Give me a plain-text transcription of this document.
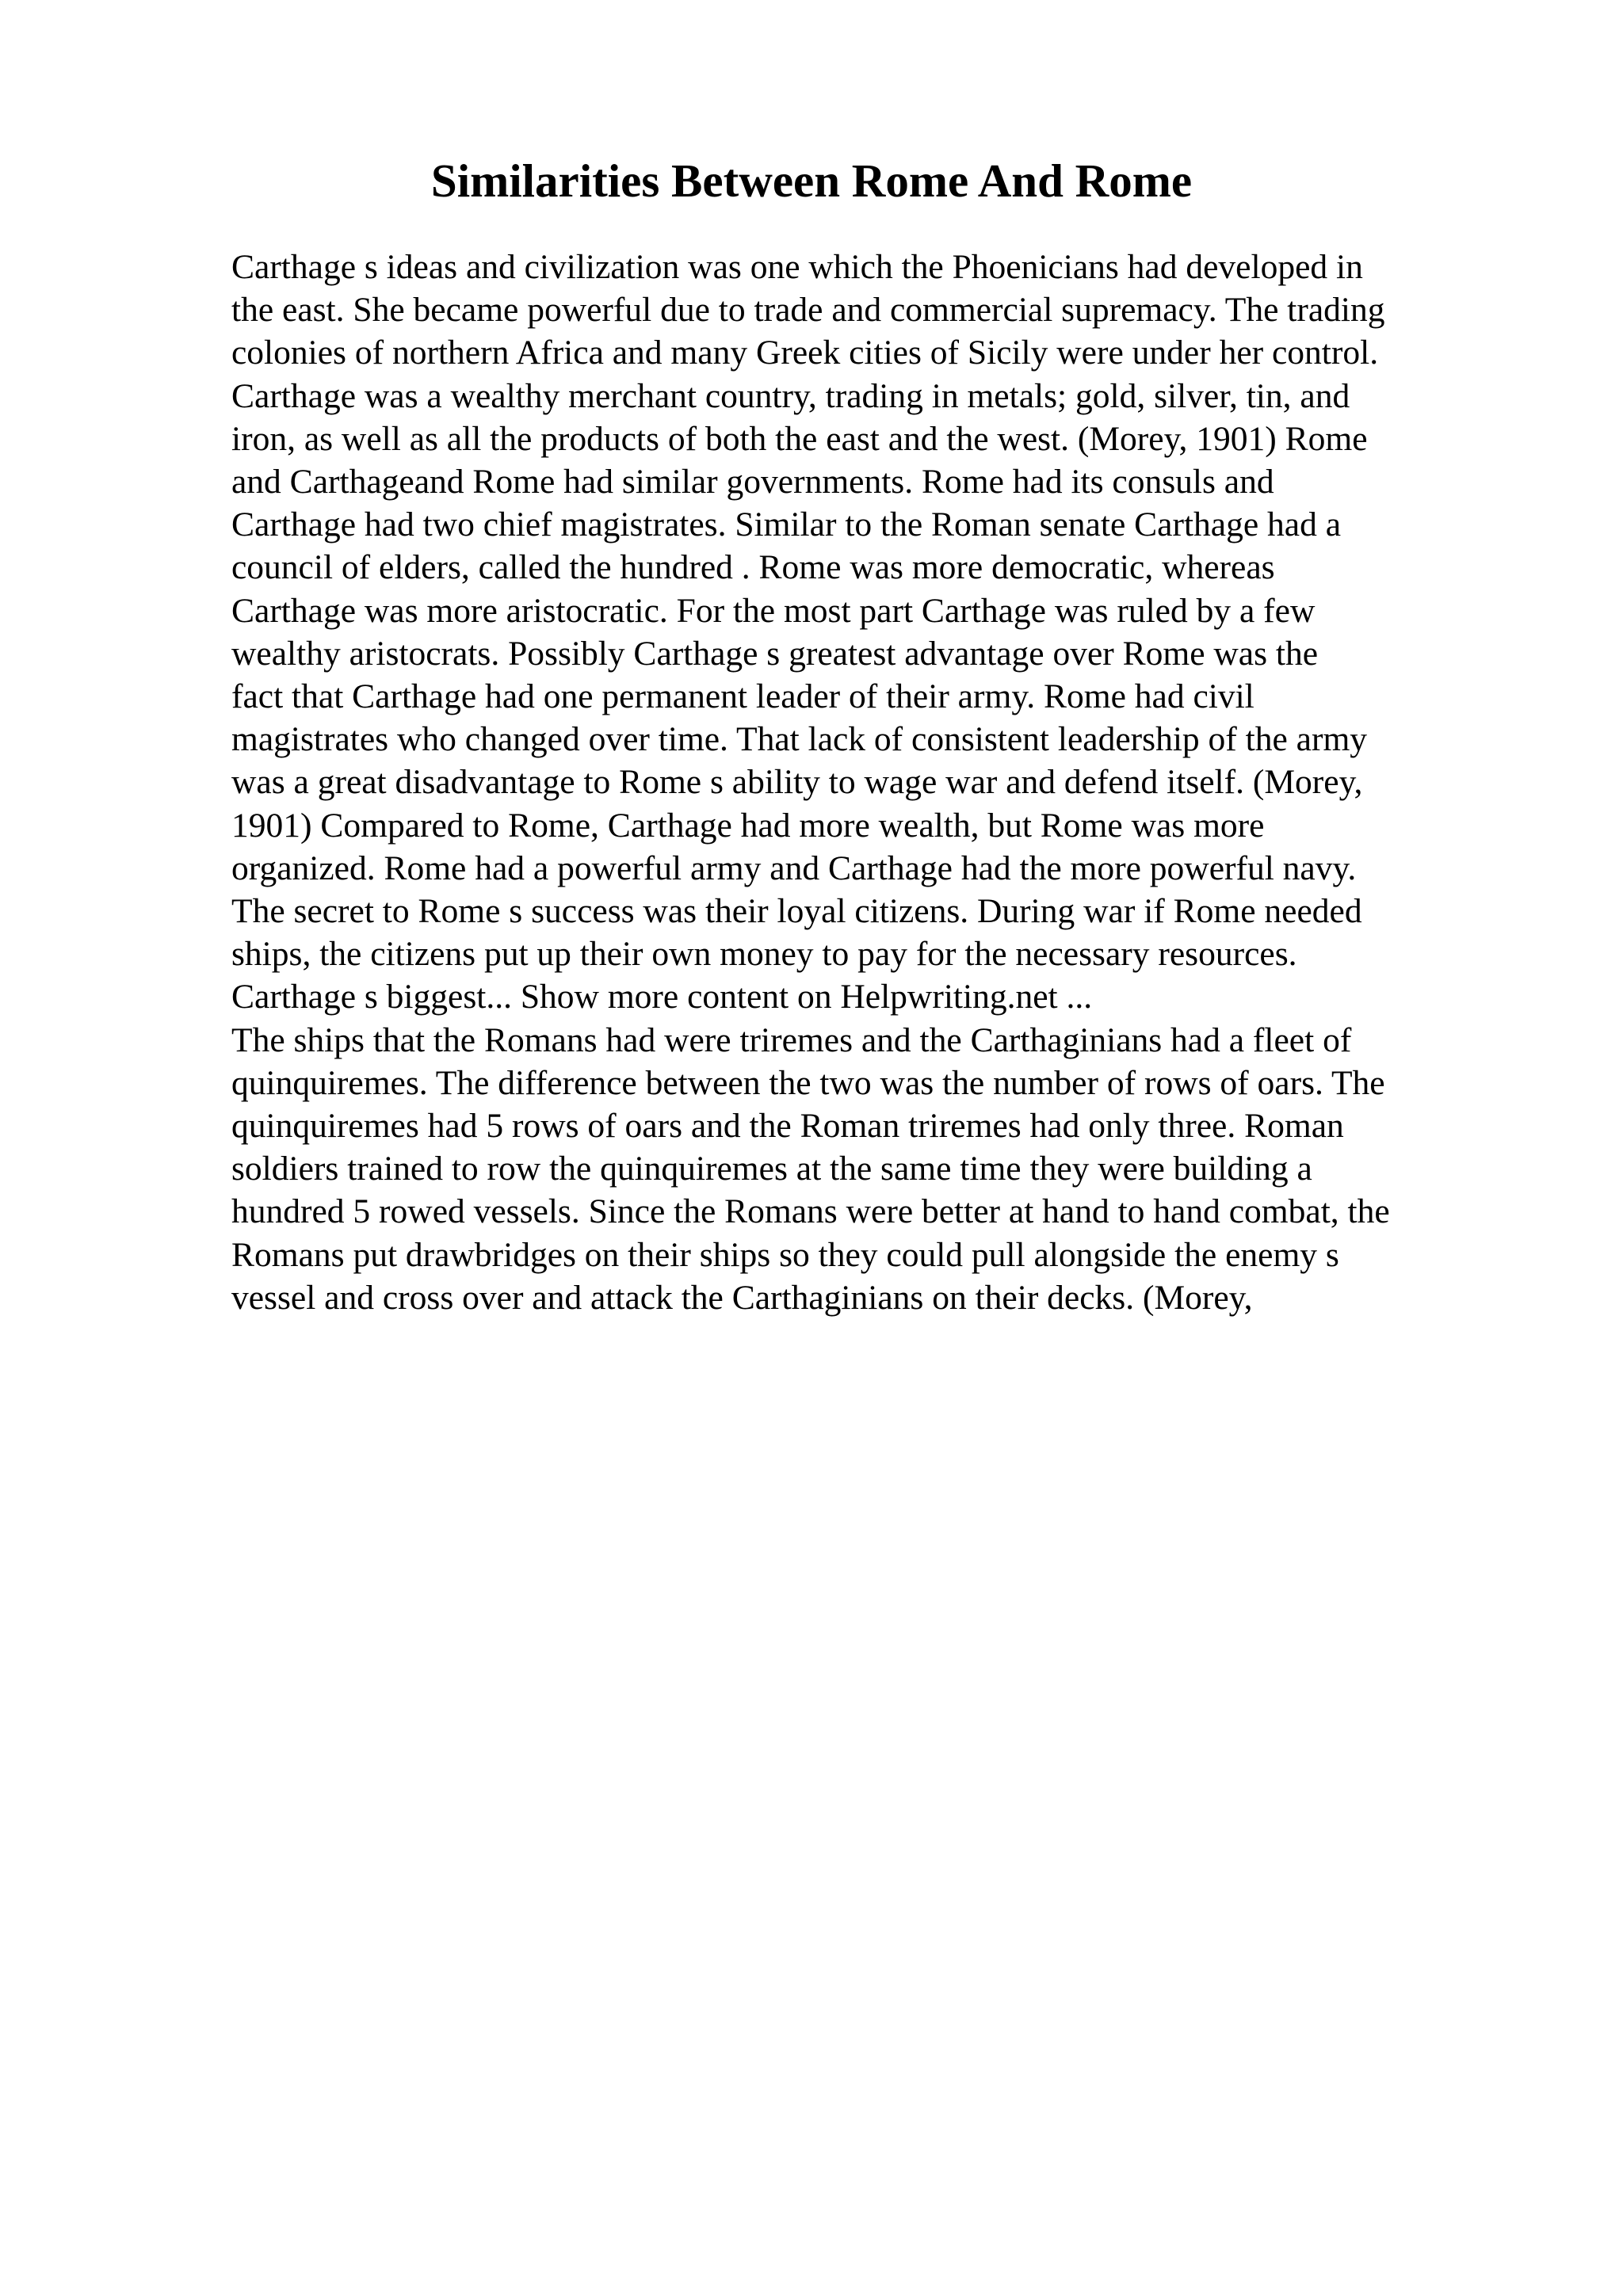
Similarities Between Rome And Rome
Carthage s ideas and civilization was one which the Phoenicians had developed in
the east. She became powerful due to trade and commercial supremacy. The trading
colonies of northern Africa and many Greek cities of Sicily were under her control.
Carthage was a wealthy merchant country, trading in metals; gold, silver, tin, and
iron, as well as all the products of both the east and the west. (Morey, 1901) Rome
and Carthageand Rome had similar governments. Rome had its consuls and
Carthage had two chief magistrates. Similar to the Roman senate Carthage had a
council of elders, called the hundred . Rome was more democratic, whereas
Carthage was more aristocratic. For the most part Carthage was ruled by a few
wealthy aristocrats. Possibly Carthage s greatest advantage over Rome was the
fact that Carthage had one permanent leader of their army. Rome had civil
magistrates who changed over time. That lack of consistent leadership of the army
was a great disadvantage to Rome s ability to wage war and defend itself. (Morey,
1901) Compared to Rome, Carthage had more wealth, but Rome was more
organized. Rome had a powerful army and Carthage had the more powerful navy.
The secret to Rome s success was their loyal citizens. During war if Rome needed
ships, the citizens put up their own money to pay for the necessary resources.
Carthage s biggest... Show more content on Helpwriting.net ...
The ships that the Romans had were triremes and the Carthaginians had a fleet of
quinquiremes. The difference between the two was the number of rows of oars. The
quinquiremes had 5 rows of oars and the Roman triremes had only three. Roman
soldiers trained to row the quinquiremes at the same time they were building a
hundred 5 rowed vessels. Since the Romans were better at hand to hand combat, the
Romans put drawbridges on their ships so they could pull alongside the enemy s
vessel and cross over and attack the Carthaginians on their decks. (Morey,
